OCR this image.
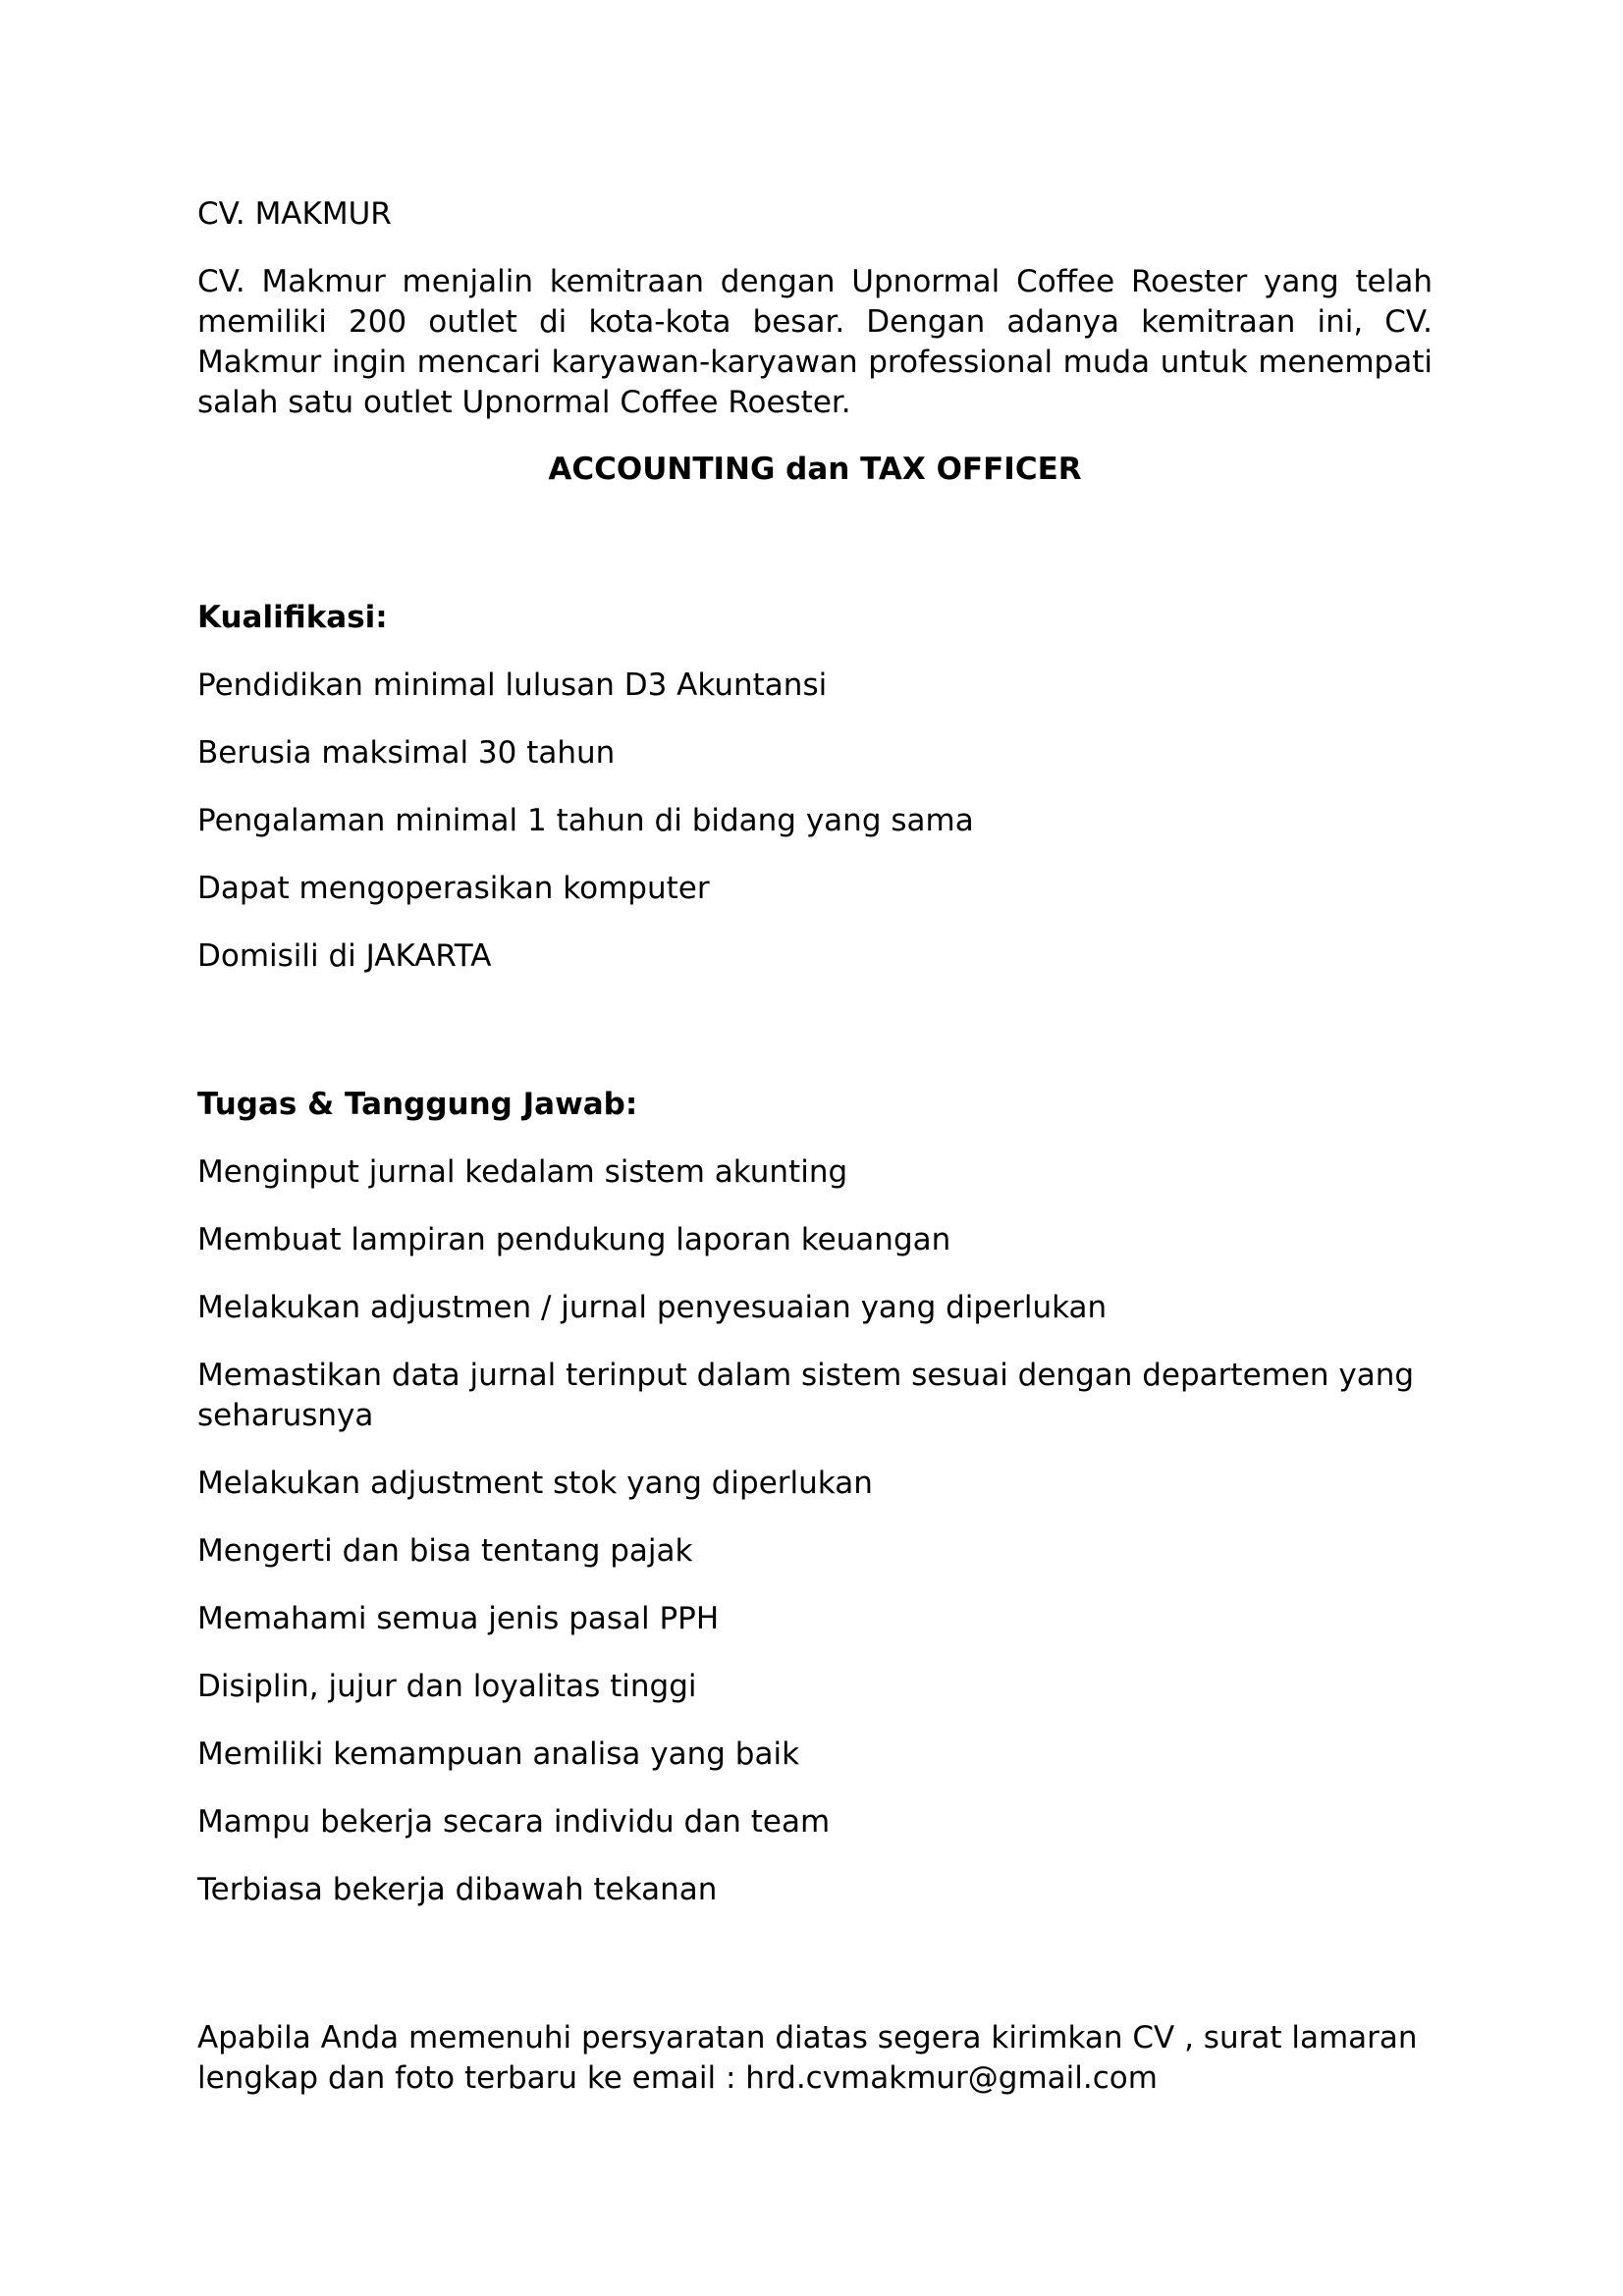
CV. MAKMUR

CV. Makmur menjalin kemitraan dengan Upnormal Coffee Roester yang telah memiliki 200 outlet di kota-kota besar. Dengan adanya kemitraan ini, CV. Makmur ingin mencari karyawan-karyawan professional muda untuk menempati salah satu outlet Upnormal Coffee Roester.

ACCOUNTING dan TAX OFFICER

Kualifikasi:

Pendidikan minimal lulusan D3 Akuntansi

Berusia maksimal 30 tahun

Pengalaman minimal 1 tahun di bidang yang sama

Dapat mengoperasikan komputer

Domisili di JAKARTA

Tugas & Tanggung Jawab:

Menginput jurnal kedalam sistem akunting

Membuat lampiran pendukung laporan keuangan

Melakukan adjustmen / jurnal penyesuaian yang diperlukan

Memastikan data jurnal terinput dalam sistem sesuai dengan departemen yang seharusnya

Melakukan adjustment stok yang diperlukan

Mengerti dan bisa tentang pajak

Memahami semua jenis pasal PPH

Disiplin, jujur dan loyalitas tinggi

Memiliki kemampuan analisa yang baik

Mampu bekerja secara individu dan team

Terbiasa bekerja dibawah tekanan

Apabila Anda memenuhi persyaratan diatas segera kirimkan CV , surat lamaran lengkap dan foto terbaru ke email : hrd.cvmakmur@gmail.com
